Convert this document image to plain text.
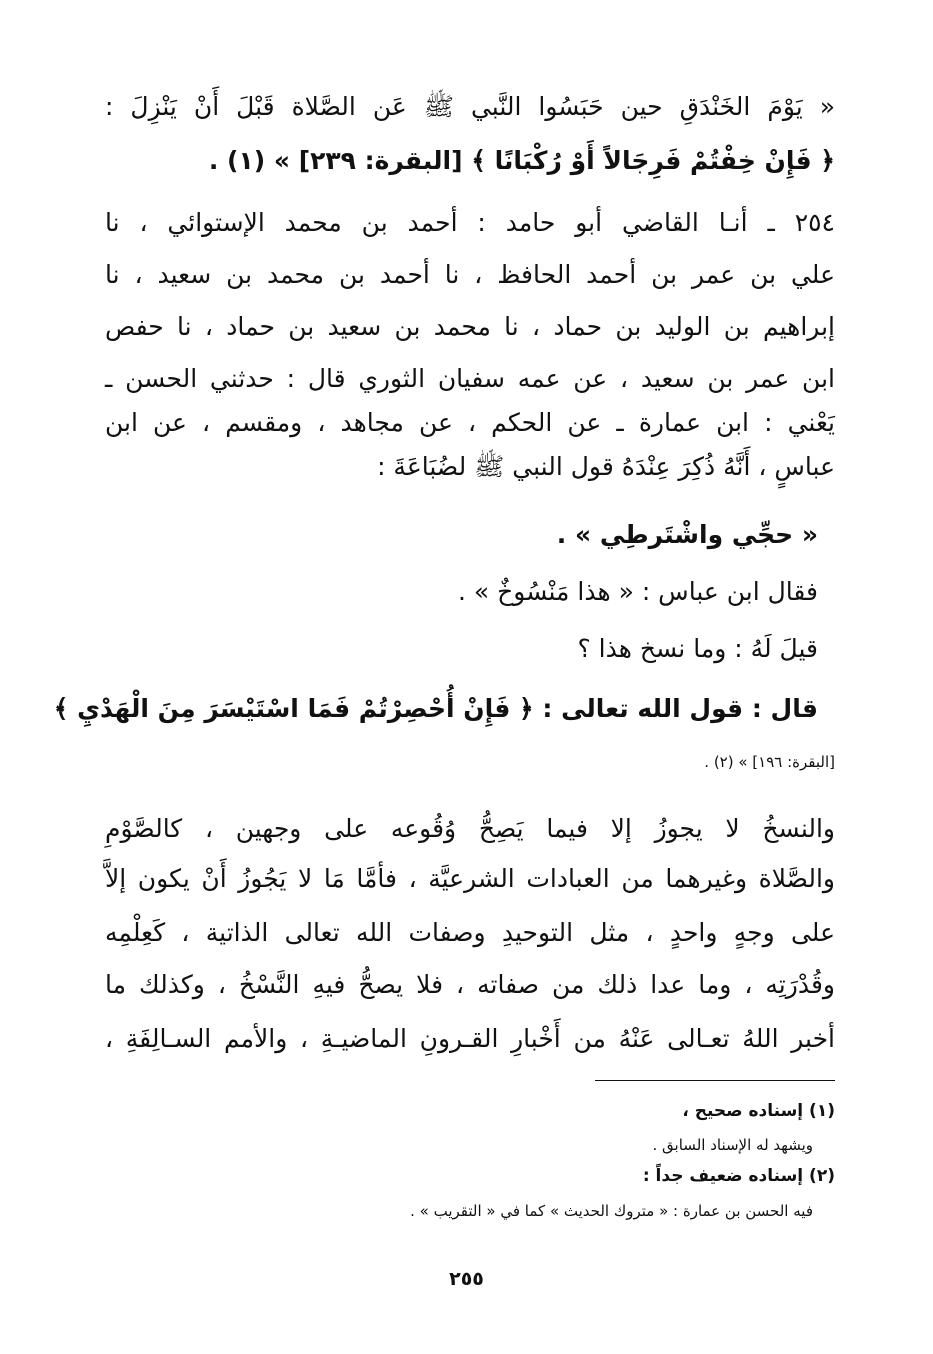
« يَوْمَ الخَنْدَقِ حين حَبَسُوا النَّبي ﷺ عَن الصَّلاة قَبْلَ أَنْ يَنْزِلَ :
﴿ فَإِنْ خِفْتُمْ فَرِجَالاً أَوْ رُكْبَانًا ﴾ [البقرة: ٢٣٩] » (١) .
٢٥٤ ـ أنـا القاضي أبو حامد : أحمد بن محمد الإستوائي ، نا
علي بن عمر بن أحمد الحافظ ، نا أحمد بن محمد بن سعيد ، نا
إبراهيم بن الوليد بن حماد ، نا محمد بن سعيد بن حماد ، نا حفص
ابن عمر بن سعيد ، عن عمه سفيان الثوري قال : حدثني الحسن ـ
يَعْني : ابن عمارة ـ عن الحكم ، عن مجاهد ، ومقسم ، عن ابن
عباسٍ ، أَنَّهُ ذُكِرَ عِنْدَهُ قول النبي ﷺ لضُبَاعَةَ :
« حجِّي واشْتَرطِي » .
فقال ابن عباس : « هذا مَنْسُوخٌ » .
قيلَ لَهُ : وما نسخ هذا ؟
قال : قول الله تعالى : ﴿ فَإِنْ أُحْصِرْتُمْ فَمَا اسْتَيْسَرَ مِنَ الْهَدْيِ ﴾
[البقرة: ١٩٦] » (٢) .
والنسخُ لا يجوزُ إلا فيما يَصِحُّ وُقُوعه على وجهين ، كالصَّوْمِ
والصَّلاة وغيرهما من العبادات الشرعيَّة ، فأمَّا مَا لا يَجُوزُ أَنْ يكون إلاَّ
على وجهٍ واحدٍ ، مثل التوحيدِ وصفات الله تعالى الذاتية ، كَعِلْمِه
وقُدْرَتِه ، وما عدا ذلك من صفاته ، فلا يصحُّ فيهِ النَّسْخُ ، وكذلك ما
أخبر اللهُ تعـالى عَنْهُ من أَخْبارِ القـرونِ الماضيـةِ ، والأمم السـالِفَةِ ،
(١) إسناده صحيح ،
ويشهد له الإسناد السابق .
(٢) إسناده ضعيف جداً :
فيه الحسن بن عمارة : « متروك الحديث » كما في « التقريب » .
٢٥٥
